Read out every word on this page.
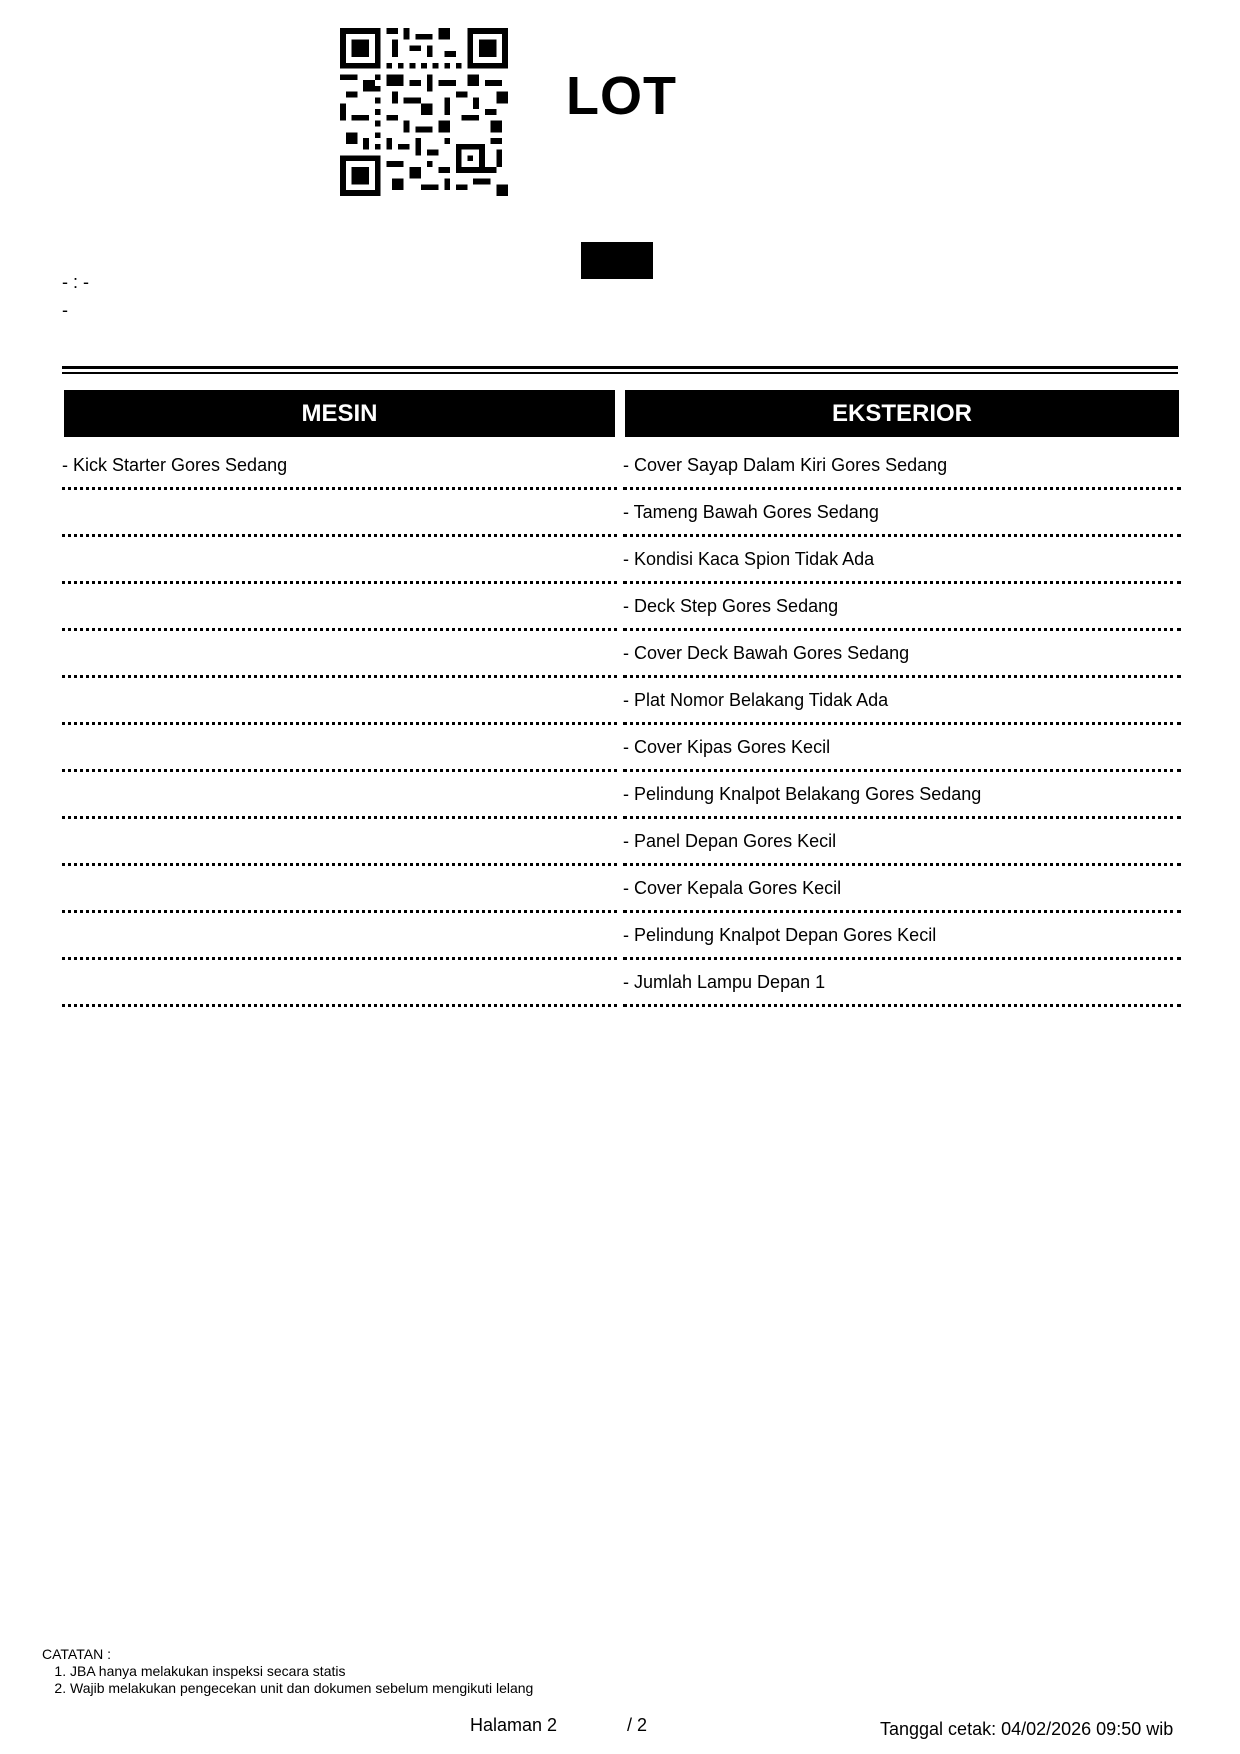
LOT
- : -
-
MESIN
- Kick Starter Gores Sedang
EKSTERIOR
- Cover Sayap Dalam Kiri Gores Sedang
- Tameng Bawah Gores Sedang
- Kondisi Kaca Spion Tidak Ada
- Deck Step Gores Sedang
- Cover Deck Bawah Gores Sedang
- Plat Nomor Belakang Tidak Ada
- Cover Kipas Gores Kecil
- Pelindung Knalpot Belakang Gores Sedang
- Panel Depan Gores Kecil
- Cover Kepala Gores Kecil
- Pelindung Knalpot Depan Gores Kecil
- Jumlah Lampu Depan 1
CATATAN :
1. JBA hanya melakukan inspeksi secara statis
2. Wajib melakukan pengecekan unit dan dokumen sebelum mengikuti lelang
Halaman 2	/ 2	Tanggal cetak: 04/02/2026 09:50 wib
